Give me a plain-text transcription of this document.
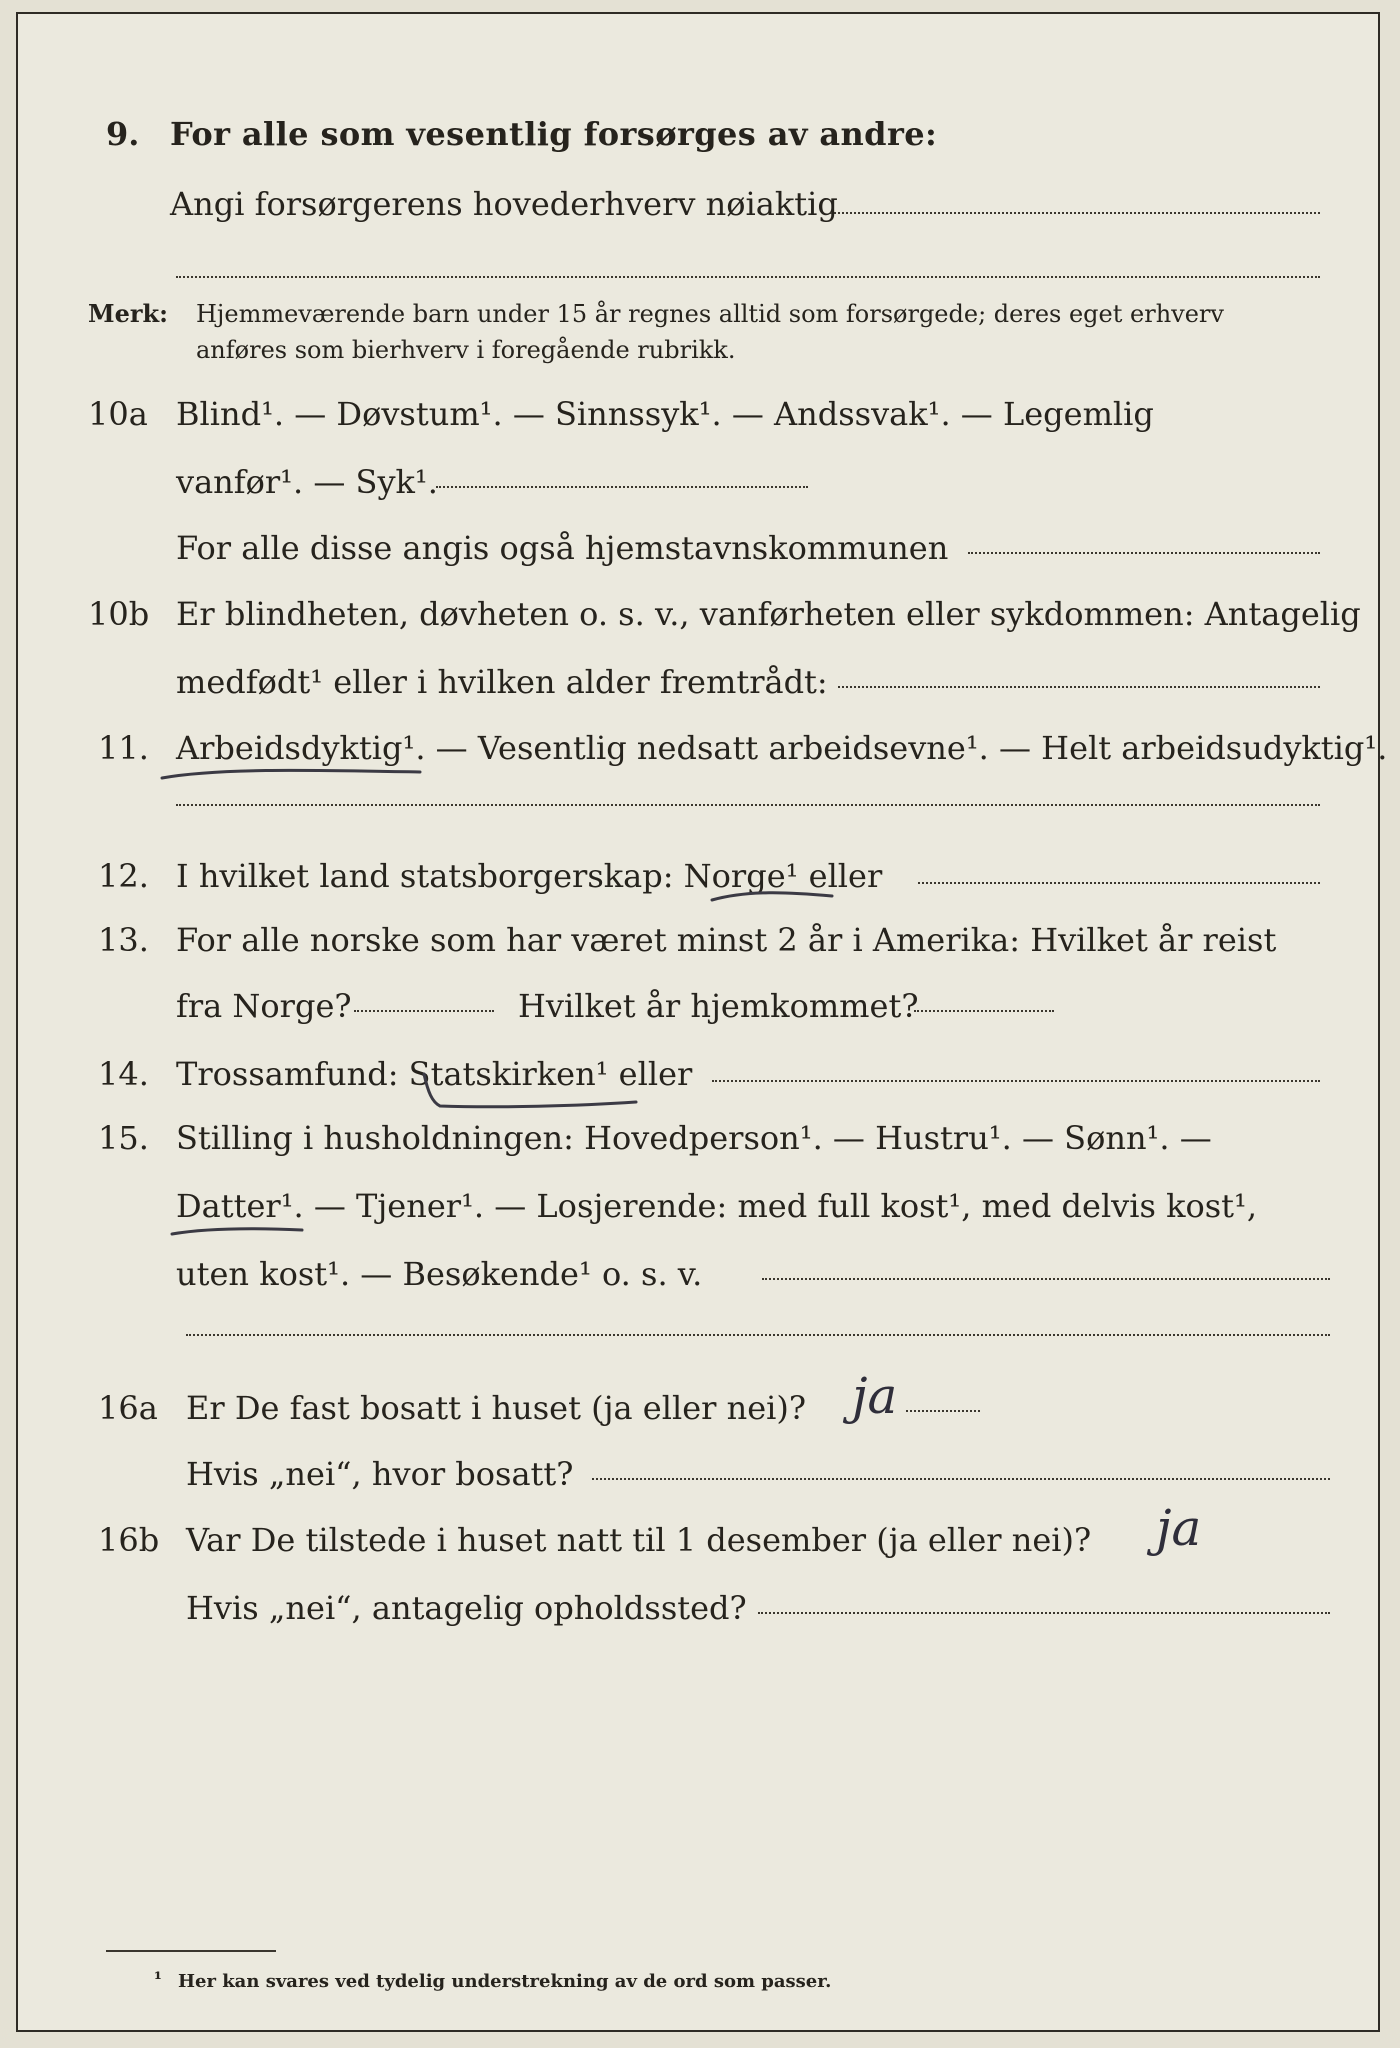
9. For alle som vesentlig forsørges av andre:
Angi forsørgerens hovederhverv nøiaktig
Merk: Hjemmeværende barn under 15 år regnes alltid som forsørgede; deres eget erhverv
anføres som bierhverv i foregående rubrikk.
10a Blind¹. — Døvstum¹. — Sinnssyk¹. — Andssvak¹. — Legemlig
vanfør¹. — Syk¹.
For alle disse angis også hjemstavnskommunen
10b Er blindheten, døvheten o. s. v., vanførheten eller sykdommen: Antagelig
medfødt¹ eller i hvilken alder fremtrådt:
11. Arbeidsdyktig¹. — Vesentlig nedsatt arbeidsevne¹. — Helt arbeidsudyktig¹.
12. I hvilket land statsborgerskap: Norge¹ eller
13. For alle norske som har været minst 2 år i Amerika: Hvilket år reist
fra Norge?	Hvilket år hjemkommet?
14. Trossamfund: Statskirken¹ eller
15. Stilling i husholdningen: Hovedperson¹. — Hustru¹. — Sønn¹. —
Datter¹. — Tjener¹. — Losjerende: med full kost¹, med delvis kost¹,
uten kost¹. — Besøkende¹ o. s. v.
16a Er De fast bosatt i huset (ja eller nei)? ja
Hvis „nei“, hvor bosatt?
16b Var De tilstede i huset natt til 1 desember (ja eller nei)? ja
Hvis „nei“, antagelig opholdssted?
¹ Her kan svares ved tydelig understrekning av de ord som passer.
